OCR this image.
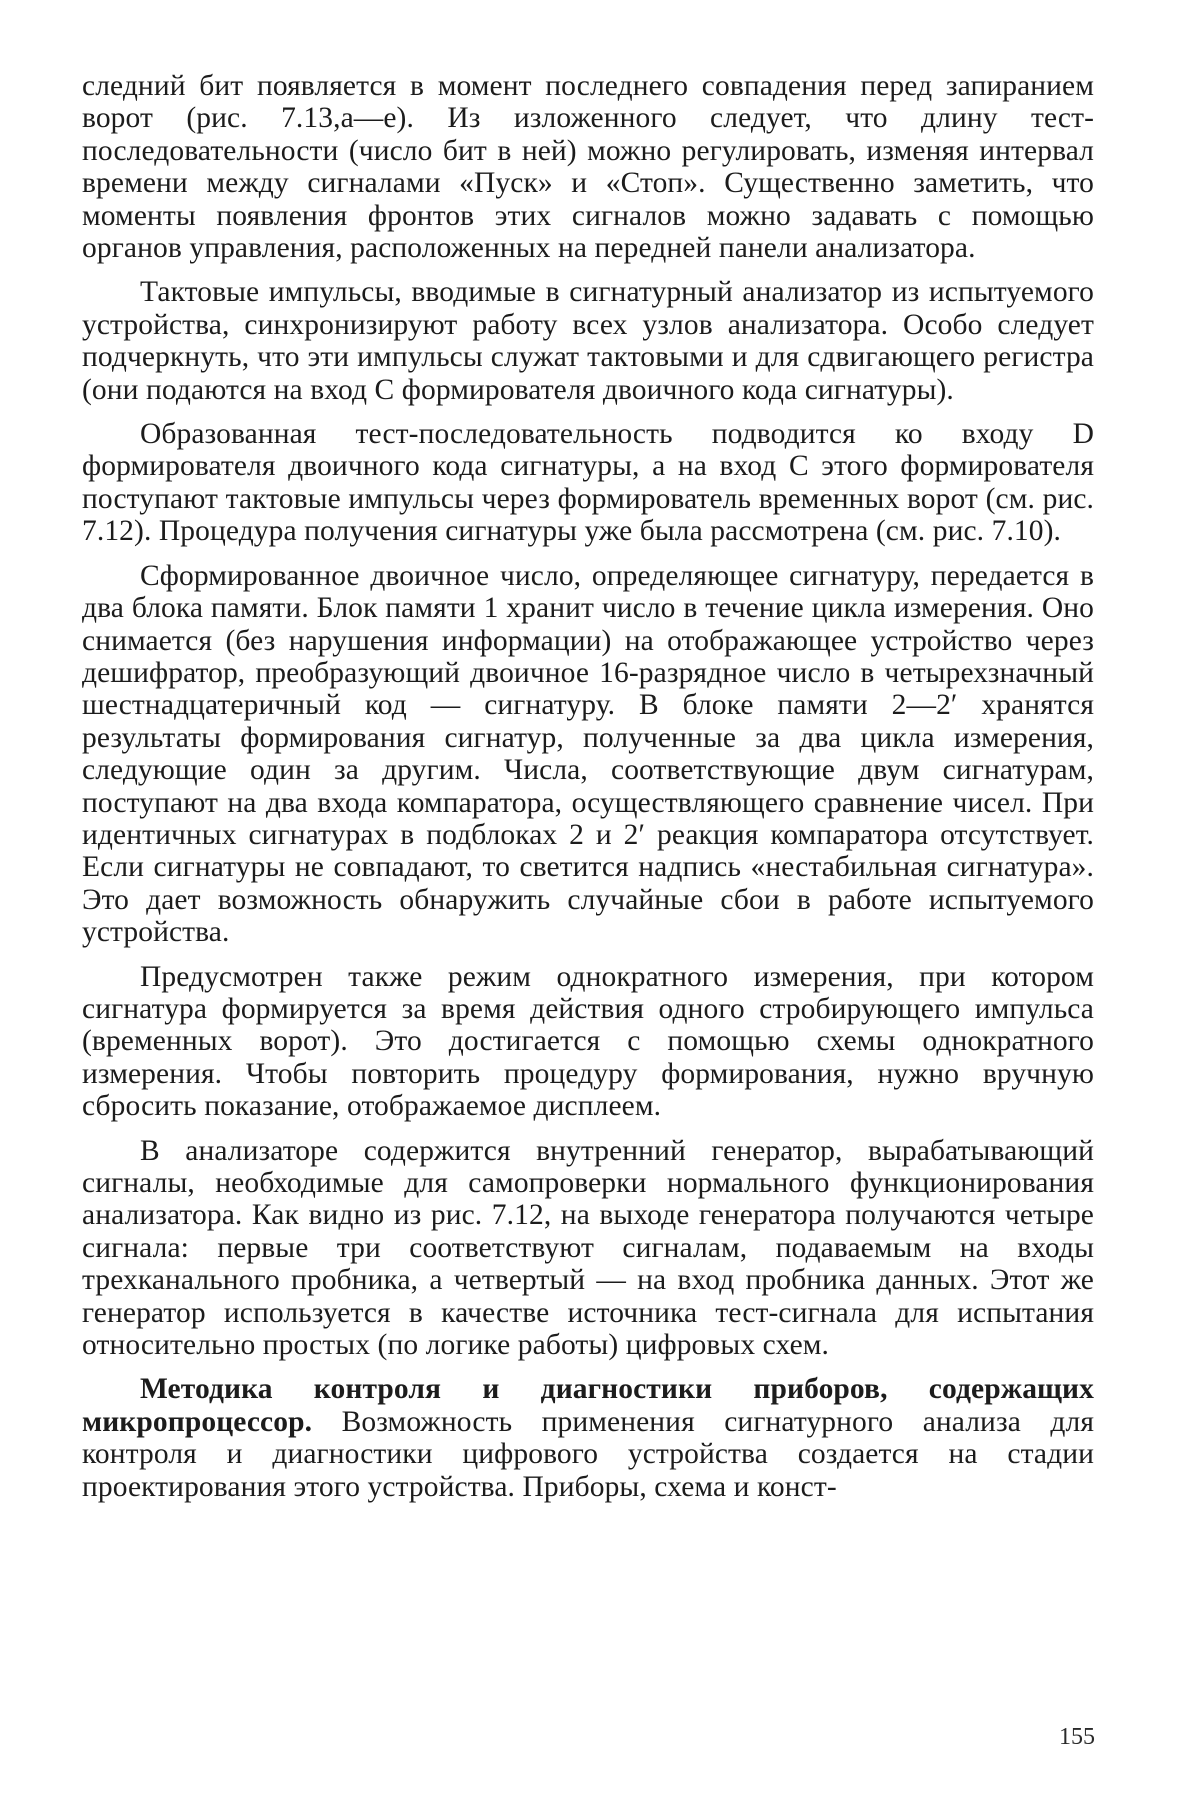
следний бит появляется в момент последнего совпадения перед запиранием ворот (рис. 7.13,а—е). Из изложенного следует, что длину тест-последовательности (число бит в ней) можно регулировать, изменяя интервал времени между сигналами «Пуск» и «Стоп». Существенно заметить, что моменты появления фронтов этих сигналов можно задавать с помощью органов управления, расположенных на передней панели анализатора.

Тактовые импульсы, вводимые в сигнатурный анализатор из испытуемого устройства, синхронизируют работу всех узлов анализатора. Особо следует подчеркнуть, что эти импульсы служат тактовыми и для сдвигающего регистра (они подаются на вход C формирователя двоичного кода сигнатуры).

Образованная тест-последовательность подводится ко входу D формирователя двоичного кода сигнатуры, а на вход C этого формирователя поступают тактовые импульсы через формирователь временных ворот (см. рис. 7.12). Процедура получения сигнатуры уже была рассмотрена (см. рис. 7.10).

Сформированное двоичное число, определяющее сигнатуру, передается в два блока памяти. Блок памяти 1 хранит число в течение цикла измерения. Оно снимается (без нарушения информации) на отображающее устройство через дешифратор, преобразующий двоичное 16-разрядное число в четырехзначный шестнадцатеричный код — сигнатуру. В блоке памяти 2—2′ хранятся результаты формирования сигнатур, полученные за два цикла измерения, следующие один за другим. Числа, соответствующие двум сигнатурам, поступают на два входа компаратора, осуществляющего сравнение чисел. При идентичных сигнатурах в подблоках 2 и 2′ реакция компаратора отсутствует. Если сигнатуры не совпадают, то светится надпись «нестабильная сигнатура». Это дает возможность обнаружить случайные сбои в работе испытуемого устройства.

Предусмотрен также режим однократного измерения, при котором сигнатура формируется за время действия одного стробирующего импульса (временных ворот). Это достигается с помощью схемы однократного измерения. Чтобы повторить процедуру формирования, нужно вручную сбросить показание, отображаемое дисплеем.

В анализаторе содержится внутренний генератор, вырабатывающий сигналы, необходимые для самопроверки нормального функционирования анализатора. Как видно из рис. 7.12, на выходе генератора получаются четыре сигнала: первые три соответствуют сигналам, подаваемым на входы трехканального пробника, а четвертый — на вход пробника данных. Этот же генератор используется в качестве источника тест-сигнала для испытания относительно простых (по логике работы) цифровых схем.

Методика контроля и диагностики приборов, содержащих микропроцессор. Возможность применения сигнатурного анализа для контроля и диагностики цифрового устройства создается на стадии проектирования этого устройства. Приборы, схема и конст-

155
